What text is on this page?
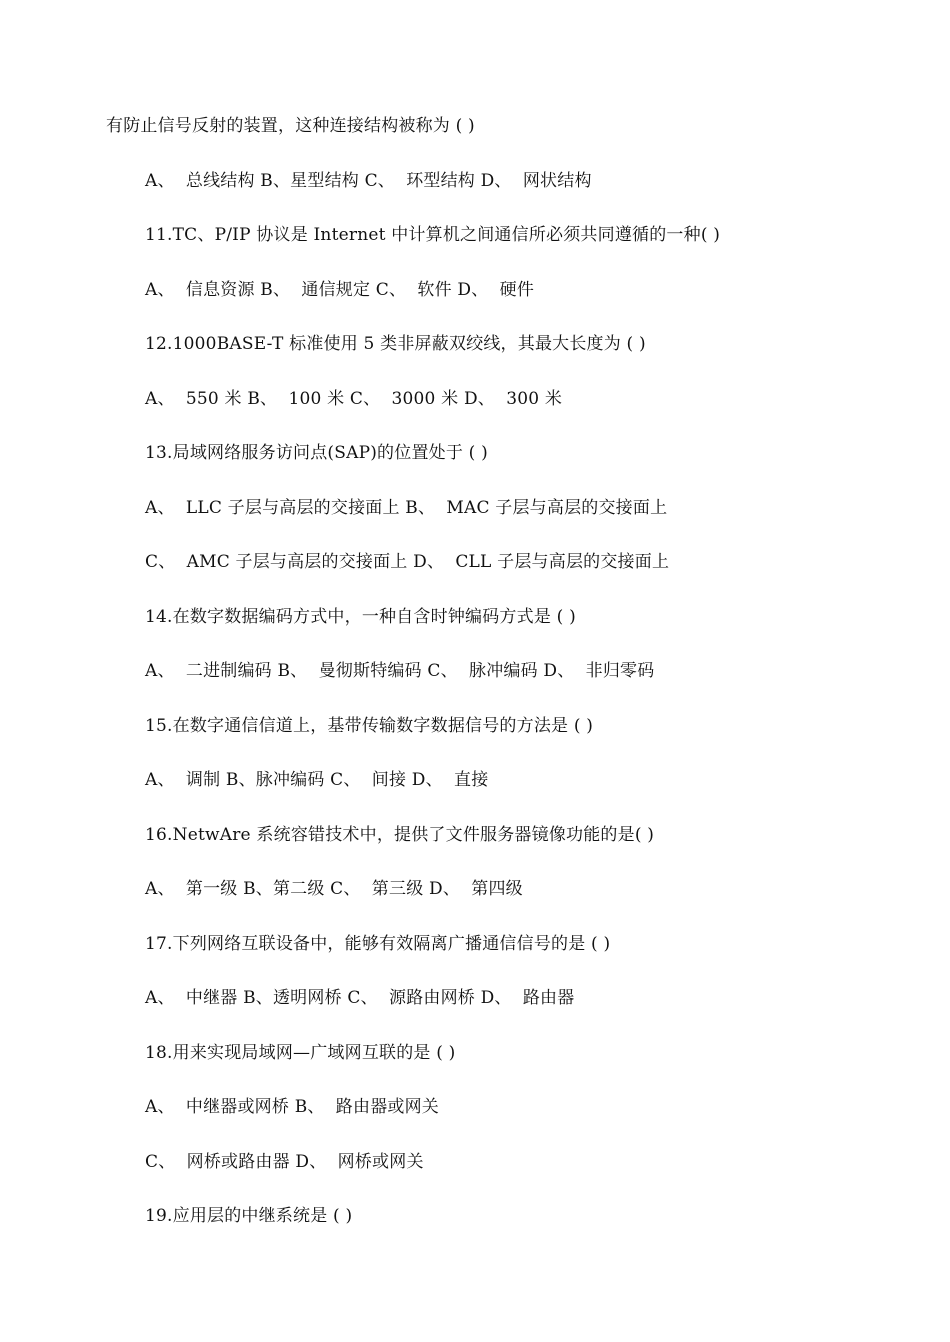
有防止信号反射的装置，这种连接结构被称为 ( )
A、  总线结构 B、星型结构 C、  环型结构 D、  网状结构
11.TC、P/IP 协议是 Internet 中计算机之间通信所必须共同遵循的一种( )
A、  信息资源 B、  通信规定 C、  软件 D、  硬件
12.1000BASE-T 标准使用 5 类非屏蔽双绞线，其最大长度为 ( )
A、  550 米 B、  100 米 C、  3000 米 D、  300 米
13.局域网络服务访问点(SAP)的位置处于 ( )
A、  LLC 子层与高层的交接面上 B、  MAC 子层与高层的交接面上
C、  AMC 子层与高层的交接面上 D、  CLL 子层与高层的交接面上
14.在数字数据编码方式中，一种自含时钟编码方式是 ( )
A、  二进制编码 B、  曼彻斯特编码 C、  脉冲编码 D、  非归零码
15.在数字通信信道上，基带传输数字数据信号的方法是 ( )
A、  调制 B、脉冲编码 C、  间接 D、  直接
16.NetwAre 系统容错技术中，提供了文件服务器镜像功能的是( )
A、  第一级 B、第二级 C、  第三级 D、  第四级
17.下列网络互联设备中，能够有效隔离广播通信信号的是 ( )
A、  中继器 B、透明网桥 C、  源路由网桥 D、  路由器
18.用来实现局域网—广域网互联的是 ( )
A、  中继器或网桥 B、  路由器或网关
C、  网桥或路由器 D、  网桥或网关
19.应用层的中继系统是 ( )
